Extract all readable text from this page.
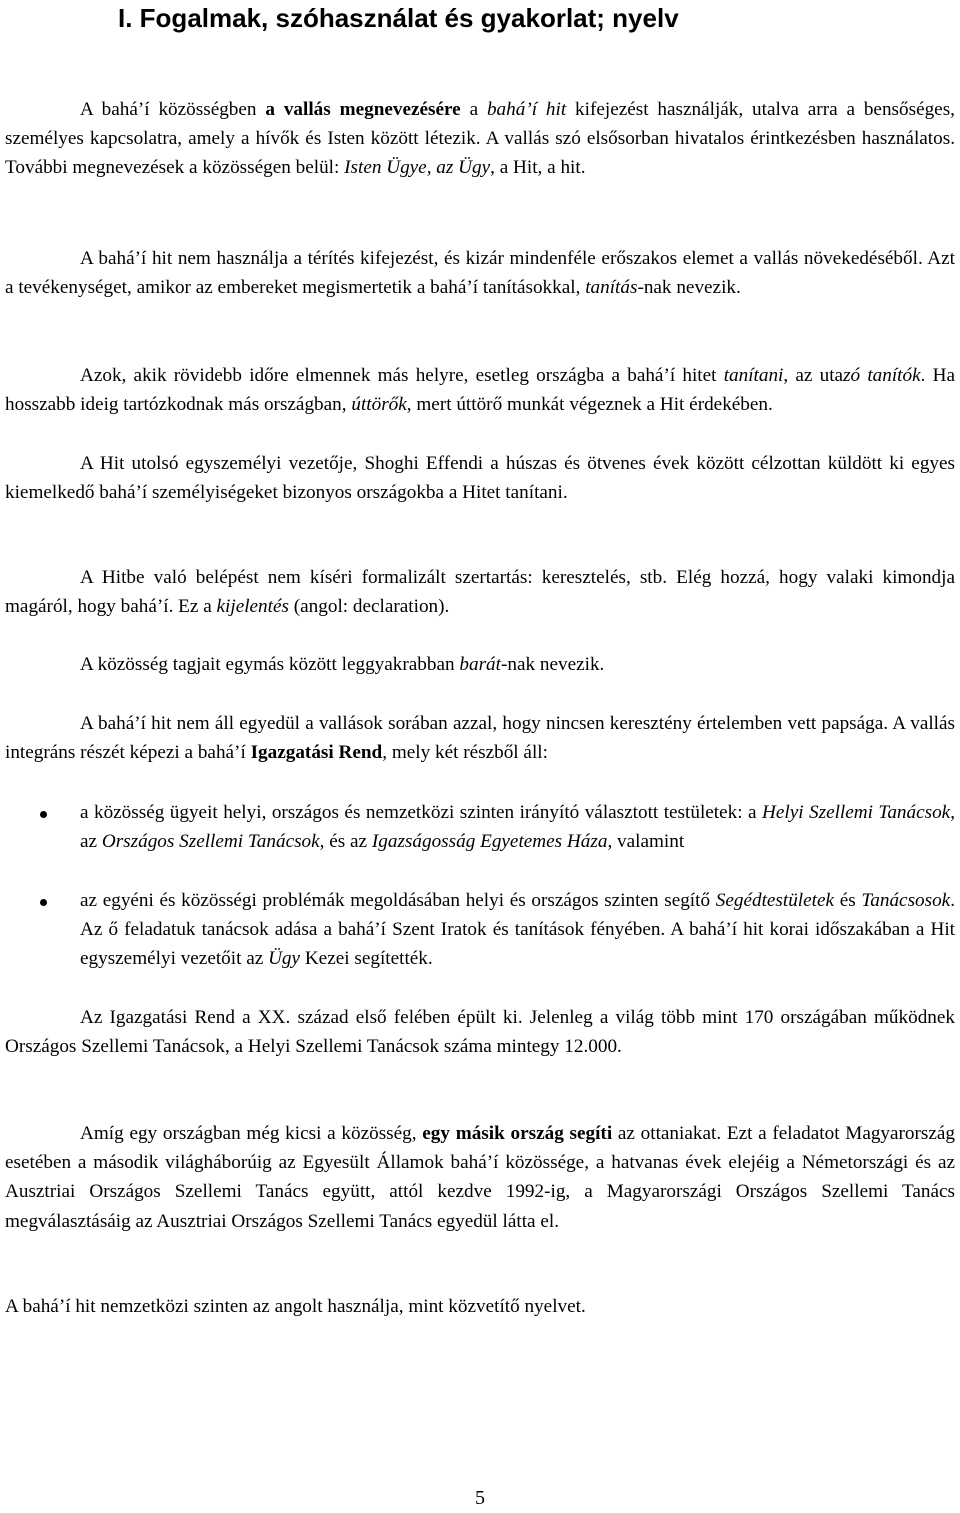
I. Fogalmak, szóhasználat és gyakorlat; nyelv

A bahá’í közösségben a vallás megnevezésére a bahá’í hit kifejezést használják, utalva arra a bensőséges, személyes kapcsolatra, amely a hívők és Isten között létezik. A vallás szó elsősorban hivatalos érintkezésben használatos. További megnevezések a közösségen belül: Isten Ügye, az Ügy, a Hit, a hit.

A bahá’í hit nem használja a térítés kifejezést, és kizár mindenféle erőszakos elemet a vallás növekedéséből. Azt a tevékenységet, amikor az embereket megismertetik a bahá’í tanításokkal, tanítás-nak nevezik.

Azok, akik rövidebb időre elmennek más helyre, esetleg országba a bahá’í hitet tanítani, az utazó tanítók. Ha hosszabb ideig tartózkodnak más országban, úttörők, mert úttörő munkát végeznek a Hit érdekében.

A Hit utolsó egyszemélyi vezetője, Shoghi Effendi a húszas és ötvenes évek között célzottan küldött ki egyes kiemelkedő bahá’í személyiségeket bizonyos országokba a Hitet tanítani.

A Hitbe való belépést nem kíséri formalizált szertartás: keresztelés, stb. Elég hozzá, hogy valaki kimondja magáról, hogy bahá’í. Ez a kijelentés (angol: declaration).

A közösség tagjait egymás között leggyakrabban barát-nak nevezik.

A bahá’í hit nem áll egyedül a vallások sorában azzal, hogy nincsen keresztény értelemben vett papsága. A vallás integráns részét képezi a bahá’í Igazgatási Rend, mely két részből áll:

a közösség ügyeit helyi, országos és nemzetközi szinten irányító választott testületek: a Helyi Szellemi Tanácsok, az Országos Szellemi Tanácsok, és az Igazságosság Egyetemes Háza, valamint
az egyéni és közösségi problémák megoldásában helyi és országos szinten segítő Segédtestületek és Tanácsosok. Az ő feladatuk tanácsok adása a bahá’í Szent Iratok és tanítások fényében. A bahá’í hit korai időszakában a Hit egyszemélyi vezetőit az Ügy Kezei segítették.

Az Igazgatási Rend a XX. század első felében épült ki. Jelenleg a világ több mint 170 országában működnek Országos Szellemi Tanácsok, a Helyi Szellemi Tanácsok száma mintegy 12.000.

Amíg egy országban még kicsi a közösség, egy másik ország segíti az ottaniakat. Ezt a feladatot Magyarország esetében a második világháborúig az Egyesült Államok bahá’í közössége, a hatvanas évek elejéig a Németországi és az Ausztriai Országos Szellemi Tanács együtt, attól kezdve 1992-ig, a Magyarországi Országos Szellemi Tanács megválasztásáig az Ausztriai Országos Szellemi Tanács egyedül látta el.

A bahá’í hit nemzetközi szinten az angolt használja, mint közvetítő nyelvet.

5
